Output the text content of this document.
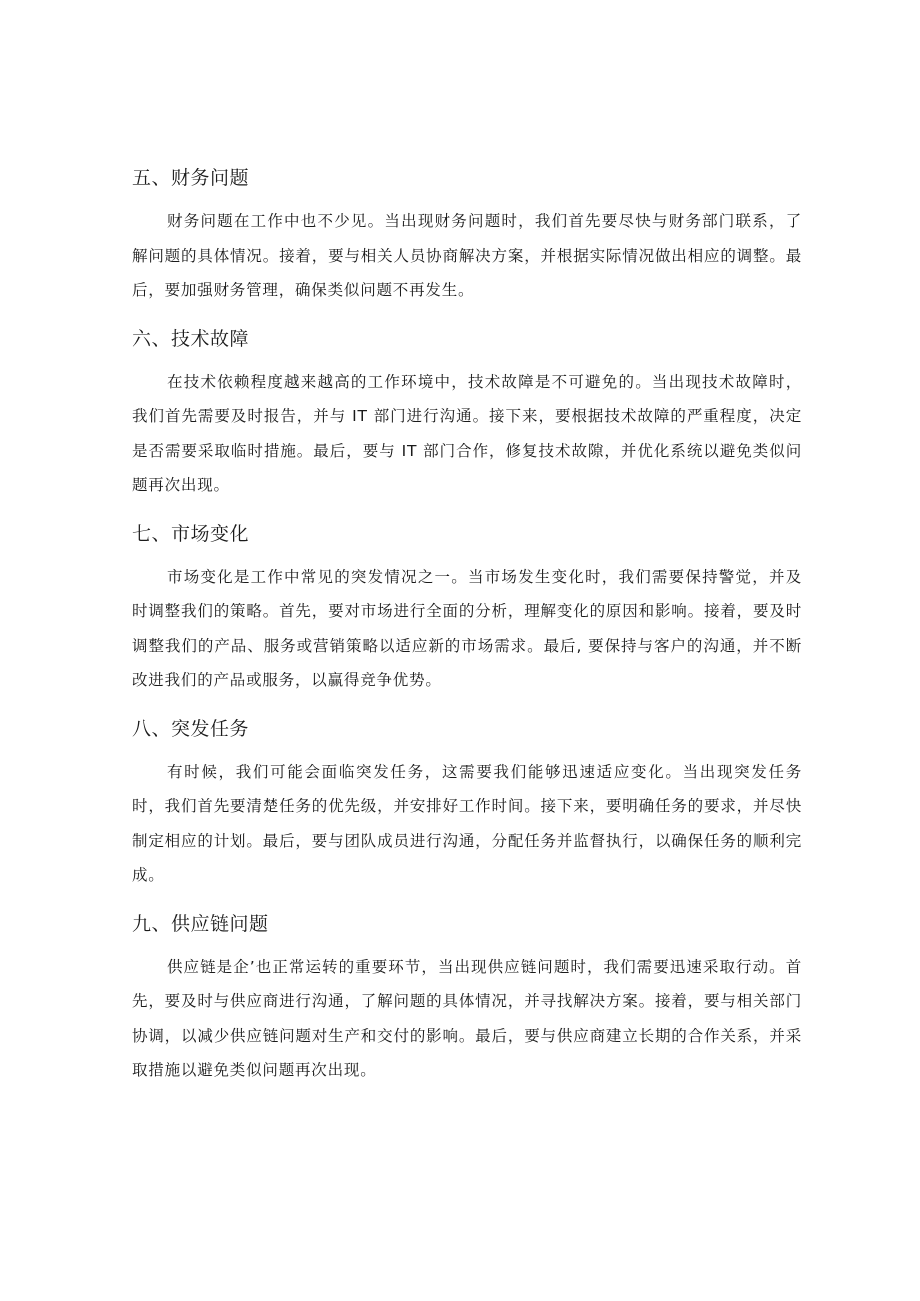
五、财务问题

财务问题在工作中也不少见。当出现财务问题时，我们首先要尽快与财务部门联系，了解问题的具体情况。接着，要与相关人员协商解决方案，并根据实际情况做出相应的调整。最后，要加强财务管理，确保类似问题不再发生。

六、技术故障

在技术依赖程度越来越高的工作环境中，技术故障是不可避免的。当出现技术故障时，我们首先需要及时报告，并与 IT 部门进行沟通。接下来，要根据技术故障的严重程度，决定是否需要采取临时措施。最后，要与 IT 部门合作，修复技术故隙，并优化系统以避免类似问题再次出现。

七、市场变化

市场变化是工作中常见的突发情况之一。当市场发生变化时，我们需要保持警觉，并及时调整我们的策略。首先，要对市场进行全面的分析，理解变化的原因和影响。接着，要及时调整我们的产品、服务或营销策略以适应新的市场需求。最后, 要保持与客户的沟通，并不断改进我们的产品或服务，以赢得竞争优势。

八、突发任务

有时候，我们可能会面临突发任务，这需要我们能够迅速适应变化。当出现突发任务时，我们首先要清楚任务的优先级，并安排好工作时间。接下来，要明确任务的要求，并尽快制定相应的计划。最后，要与团队成员进行沟通，分配任务并监督执行，以确保任务的顺利完成。

九、供应链问题

供应链是企’也正常运转的重要环节，当出现供应链问题时，我们需要迅速采取行动。首先，要及时与供应商进行沟通，了解问题的具体情况，并寻找解决方案。接着，要与相关部门协调，以减少供应链问题对生产和交付的影响。最后，要与供应商建立长期的合作关系，并采取措施以避免类似问题再次出现。
